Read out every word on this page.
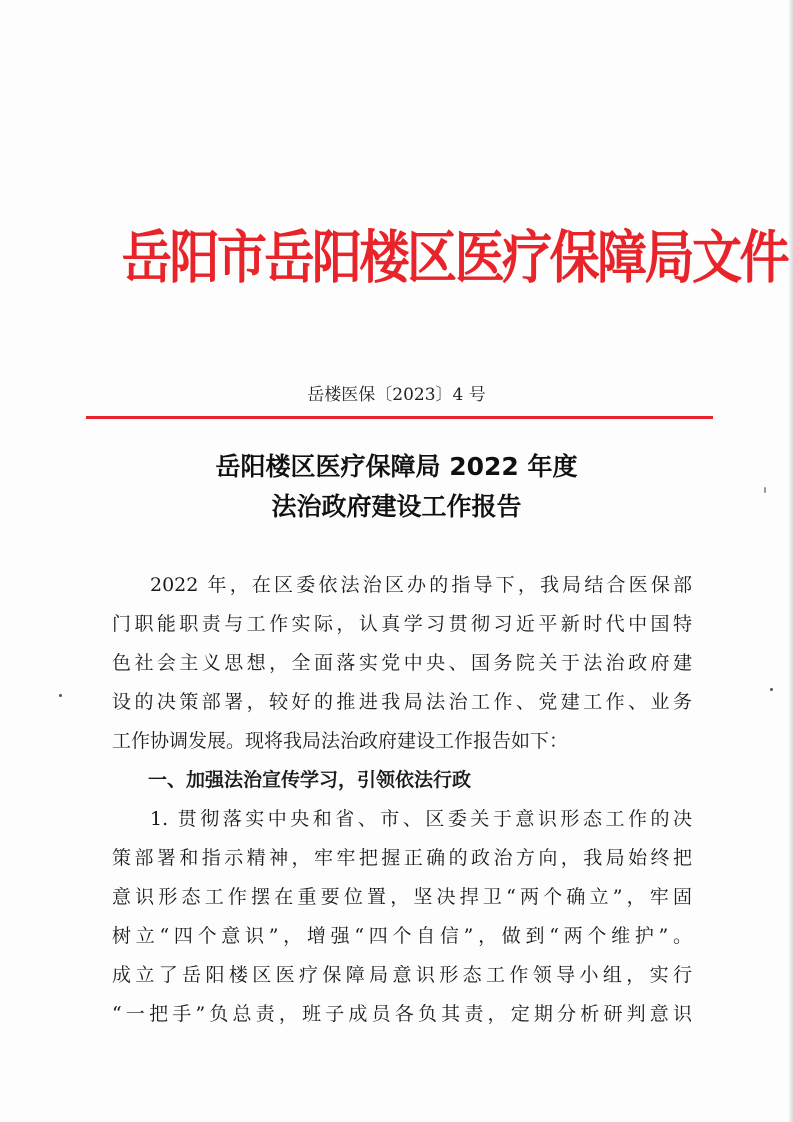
岳阳市岳阳楼区医疗保障局文件
岳楼医保〔2023〕4 号
岳阳楼区医疗保障局 2022 年度
法治政府建设工作报告
2022 年，在区委依法治区办的指导下，我局结合医保部
门职能职责与工作实际，认真学习贯彻习近平新时代中国特
色社会主义思想，全面落实党中央、国务院关于法治政府建
设的决策部署，较好的推进我局法治工作、党建工作、业务
工作协调发展。现将我局法治政府建设工作报告如下：
一、加强法治宣传学习，引领依法行政
1. 贯彻落实中央和省、市、区委关于意识形态工作的决
策部署和指示精神，牢牢把握正确的政治方向，我局始终把
意识形态工作摆在重要位置，坚决捍卫“两个确立”，牢固
树立“四个意识”，增强“四个自信”，做到“两个维护”。
成立了岳阳楼区医疗保障局意识形态工作领导小组，实行
“一把手”负总责，班子成员各负其责，定期分析研判意识
